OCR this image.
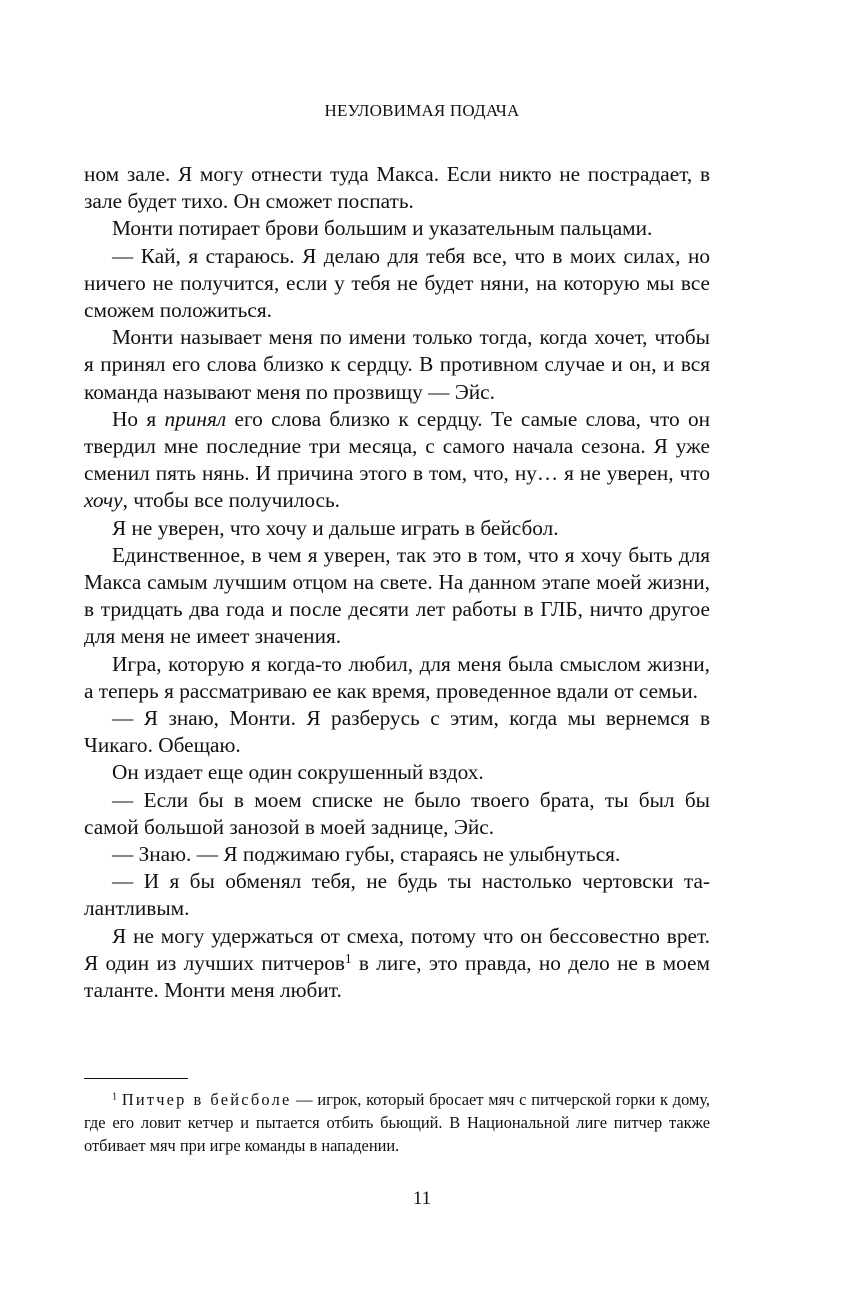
НЕУЛОВИМАЯ ПОДАЧА

ном зале. Я могу отнести туда Макса. Если никто не пострадает, в зале будет тихо. Он сможет поспать.

Монти потирает брови большим и указательным пальцами.

— Кай, я стараюсь. Я делаю для тебя все, что в моих силах, но ничего не получится, если у тебя не будет няни, на которую мы все сможем положиться.

Монти называет меня по имени только тогда, когда хочет, чтобы я принял его слова близко к сердцу. В противном случае и он, и вся команда называют меня по прозвищу — Эйс.

Но я принял его слова близко к сердцу. Те самые слова, что он твердил мне последние три месяца, с самого начала сезона. Я уже сменил пять нянь. И причина этого в том, что, ну… я не уверен, что хочу, чтобы все получилось.

Я не уверен, что хочу и дальше играть в бейсбол.

Единственное, в чем я уверен, так это в том, что я хочу быть для Макса самым лучшим отцом на свете. На данном этапе моей жизни, в тридцать два года и после десяти лет работы в ГЛБ, ничто другое для меня не имеет значения.

Игра, которую я когда-то любил, для меня была смыслом жизни, а теперь я рассматриваю ее как время, проведенное вдали от семьи.

— Я знаю, Монти. Я разберусь с этим, когда мы вернемся в Чикаго. Обещаю.

Он издает еще один сокрушенный вздох.

— Если бы в моем списке не было твоего брата, ты был бы самой большой занозой в моей заднице, Эйс.

— Знаю. — Я поджимаю губы, стараясь не улыбнуться.

— И я бы обменял тебя, не будь ты настолько чертовски талантливым.

Я не могу удержаться от смеха, потому что он бессовестно врет. Я один из лучших питчеров$^1$ в лиге, это правда, но дело не в моем таланте. Монти меня любит.

$^1$ Питчер в бейсболе — игрок, который бросает мяч с питчерской горки к дому, где его ловит кетчер и пытается отбить бьющий. В Национальной лиге питчер также отбивает мяч при игре команды в нападении.

11
